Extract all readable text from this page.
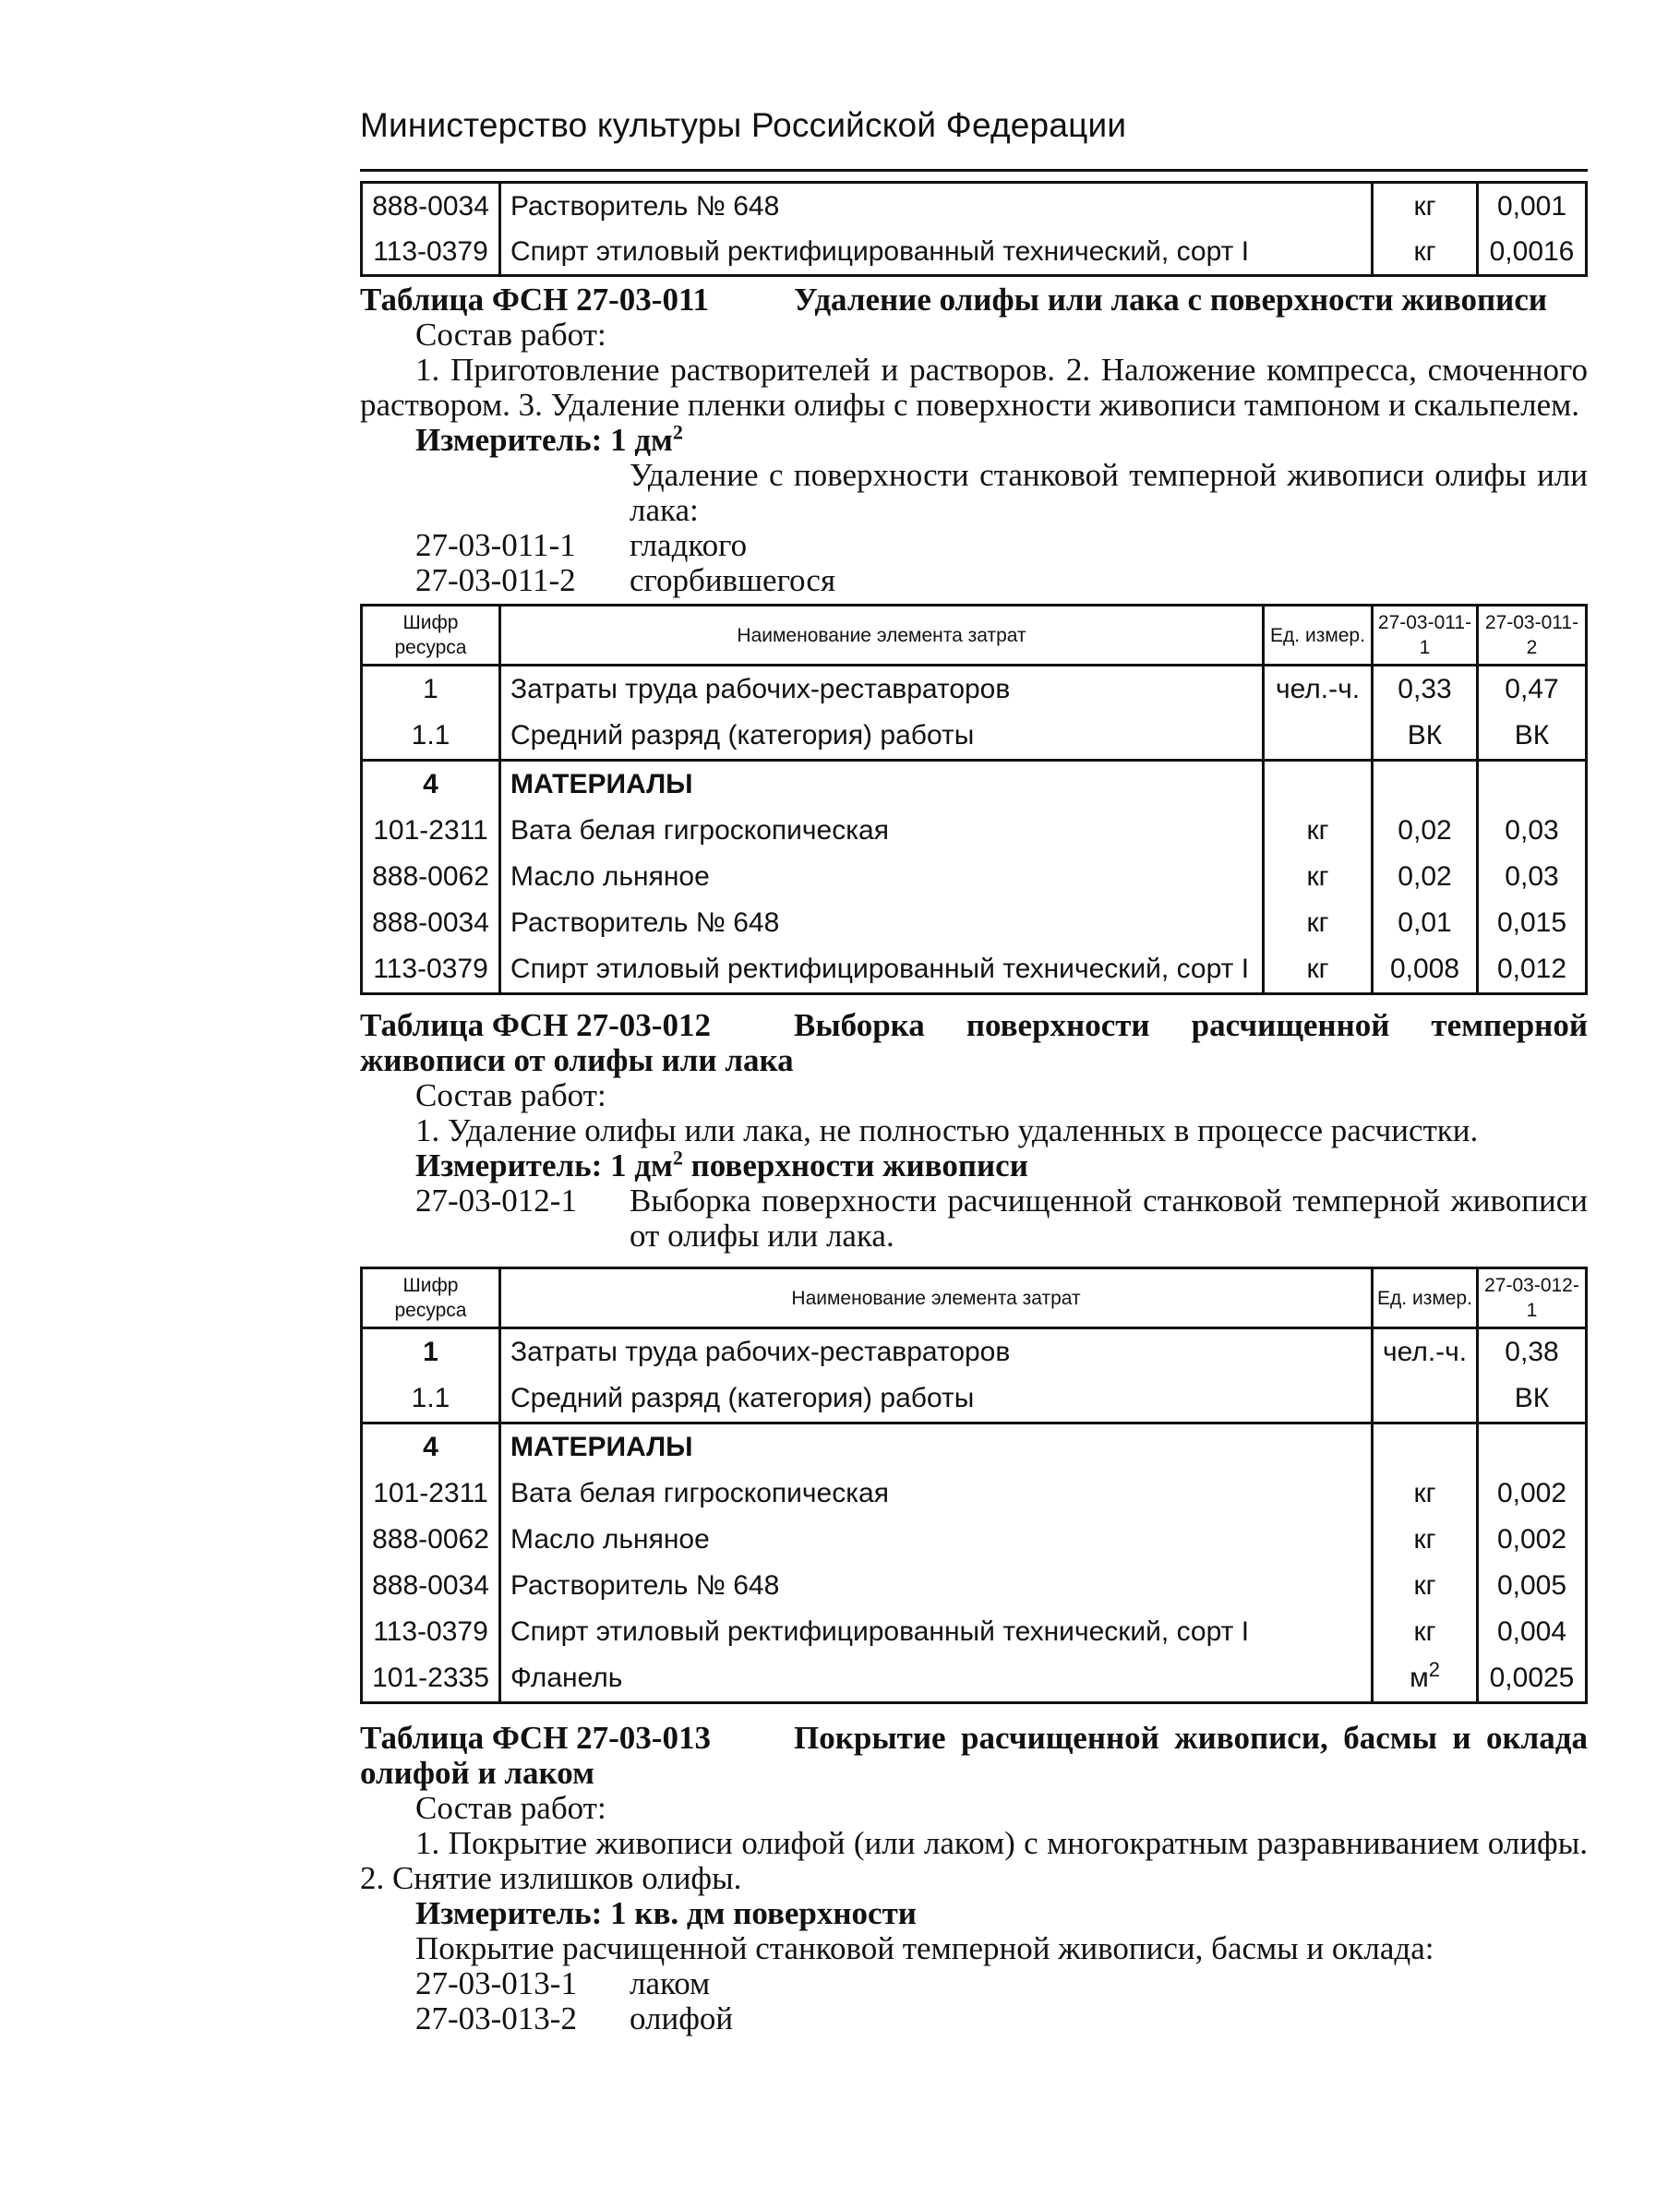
Министерство культуры Российской Федерации
888-0034	Растворитель № 648	кг	0,001
113-0379	Спирт этиловый ректифицированный технический, сорт I	кг	0,0016
Таблица ФСН 27-03-011	Удаление олифы или лака с поверхности живописи
Состав работ:
1. Приготовление растворителей и растворов. 2. Наложение компресса, смоченного раствором. 3. Удаление пленки олифы с поверхности живописи тампоном и скальпелем.
Измеритель: 1 $дм^2$
Удаление с поверхности станковой темперной живописи олифы или лака:
27-03-011-1 гладкого
27-03-011-2 сгорбившегося
Шифр ресурса	Наименование элемента затрат	Ед. измер.	27-03-011-1	27-03-011-2
1	Затраты труда рабочих-реставраторов	чел.-ч.	0,33	0,47
1.1	Средний разряд (категория) работы		ВК	ВК
4	МАТЕРИАЛЫ			
101-2311	Вата белая гигроскопическая	кг	0,02	0,03
888-0062	Масло льняное	кг	0,02	0,03
888-0034	Растворитель № 648	кг	0,01	0,015
113-0379	Спирт этиловый ректифицированный технический, сорт I	кг	0,008	0,012
Таблица ФСН 27-03-012	Выборка поверхности расчищенной темперной живописи от олифы или лака
Состав работ:
1. Удаление олифы или лака, не полностью удаленных в процессе расчистки.
Измеритель: 1 $дм^2$ поверхности живописи
27-03-012-1 Выборка поверхности расчищенной станковой темперной живописи от олифы или лака.
Шифр ресурса	Наименование элемента затрат	Ед. измер.	27-03-012-1
1	Затраты труда рабочих-реставраторов	чел.-ч.	0,38
1.1	Средний разряд (категория) работы		ВК
4	МАТЕРИАЛЫ		
101-2311	Вата белая гигроскопическая	кг	0,002
888-0062	Масло льняное	кг	0,002
888-0034	Растворитель № 648	кг	0,005
113-0379	Спирт этиловый ректифицированный технический, сорт I	кг	0,004
101-2335	Фланель	$м^2$	0,0025
Таблица ФСН 27-03-013	Покрытие расчищенной живописи, басмы и оклада олифой и лаком
Состав работ:
1. Покрытие живописи олифой (или лаком) с многократным разравниванием олифы. 2. Снятие излишков олифы.
Измеритель: 1 кв. дм поверхности
Покрытие расчищенной станковой темперной живописи, басмы и оклада:
27-03-013-1 лаком
27-03-013-2 олифой
